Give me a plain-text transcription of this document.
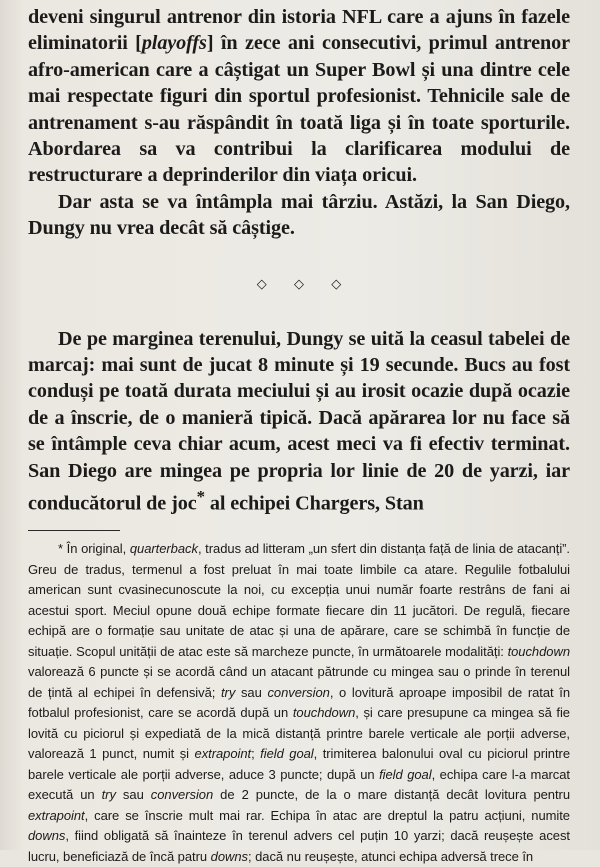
deveni singurul antrenor din istoria NFL care a ajuns în fazele eliminatorii [playoffs] în zece ani consecutivi, primul antrenor afro-american care a câștigat un Super Bowl și una dintre cele mai respectate figuri din sportul profesionist. Tehnicile sale de antrenament s-au răspândit în toată liga și în toate sporturile. Abordarea sa va contribui la clarificarea modului de restructurare a deprinderilor din viața oricui.

Dar asta se va întâmpla mai târziu. Astăzi, la San Diego, Dungy nu vrea decât să câștige.

◇ ◇ ◇

De pe marginea terenului, Dungy se uită la ceasul tabelei de marcaj: mai sunt de jucat 8 minute și 19 secunde. Bucs au fost conduși pe toată durata meciului și au irosit ocazie după ocazie de a înscrie, de o manieră tipică. Dacă apărarea lor nu face să se întâmple ceva chiar acum, acest meci va fi efectiv terminat. San Diego are mingea pe propria lor linie de 20 de yarzi, iar conducătorul de joc* al echipei Chargers, Stan

* În original, quarterback, tradus ad litteram „un sfert din distanța față de linia de atacanți”. Greu de tradus, termenul a fost preluat în mai toate limbile ca atare. Regulile fotbalului american sunt cvasinecunoscute la noi, cu excepția unui număr foarte restrâns de fani ai acestui sport. Meciul opune două echipe formate fiecare din 11 jucători. De regulă, fiecare echipă are o formație sau unitate de atac și una de apărare, care se schimbă în funcție de situație. Scopul unității de atac este să marcheze puncte, în următoarele modalități: touchdown valorează 6 puncte și se acordă când un atacant pătrunde cu mingea sau o prinde în terenul de țintă al echipei în defensivă; try sau conversion, o lovitură aproape imposibil de ratat în fotbalul profesionist, care se acordă după un touchdown, și care presupune ca mingea să fie lovită cu piciorul și expediată de la mică distanță printre barele verticale ale porții adverse, valorează 1 punct, numit și extrapoint; field goal, trimiterea balonului oval cu piciorul printre barele verticale ale porții adverse, aduce 3 puncte; după un field goal, echipa care l-a marcat execută un try sau conversion de 2 puncte, de la o mare distanță decât lovitura pentru extrapoint, care se înscrie mult mai rar. Echipa în atac are dreptul la patru acțiuni, numite downs, fiind obligată să înainteze în terenul advers cel puțin 10 yarzi; dacă reușește acest lucru, beneficiază de încă patru downs; dacă nu reușește, atunci echipa adversă trece în
